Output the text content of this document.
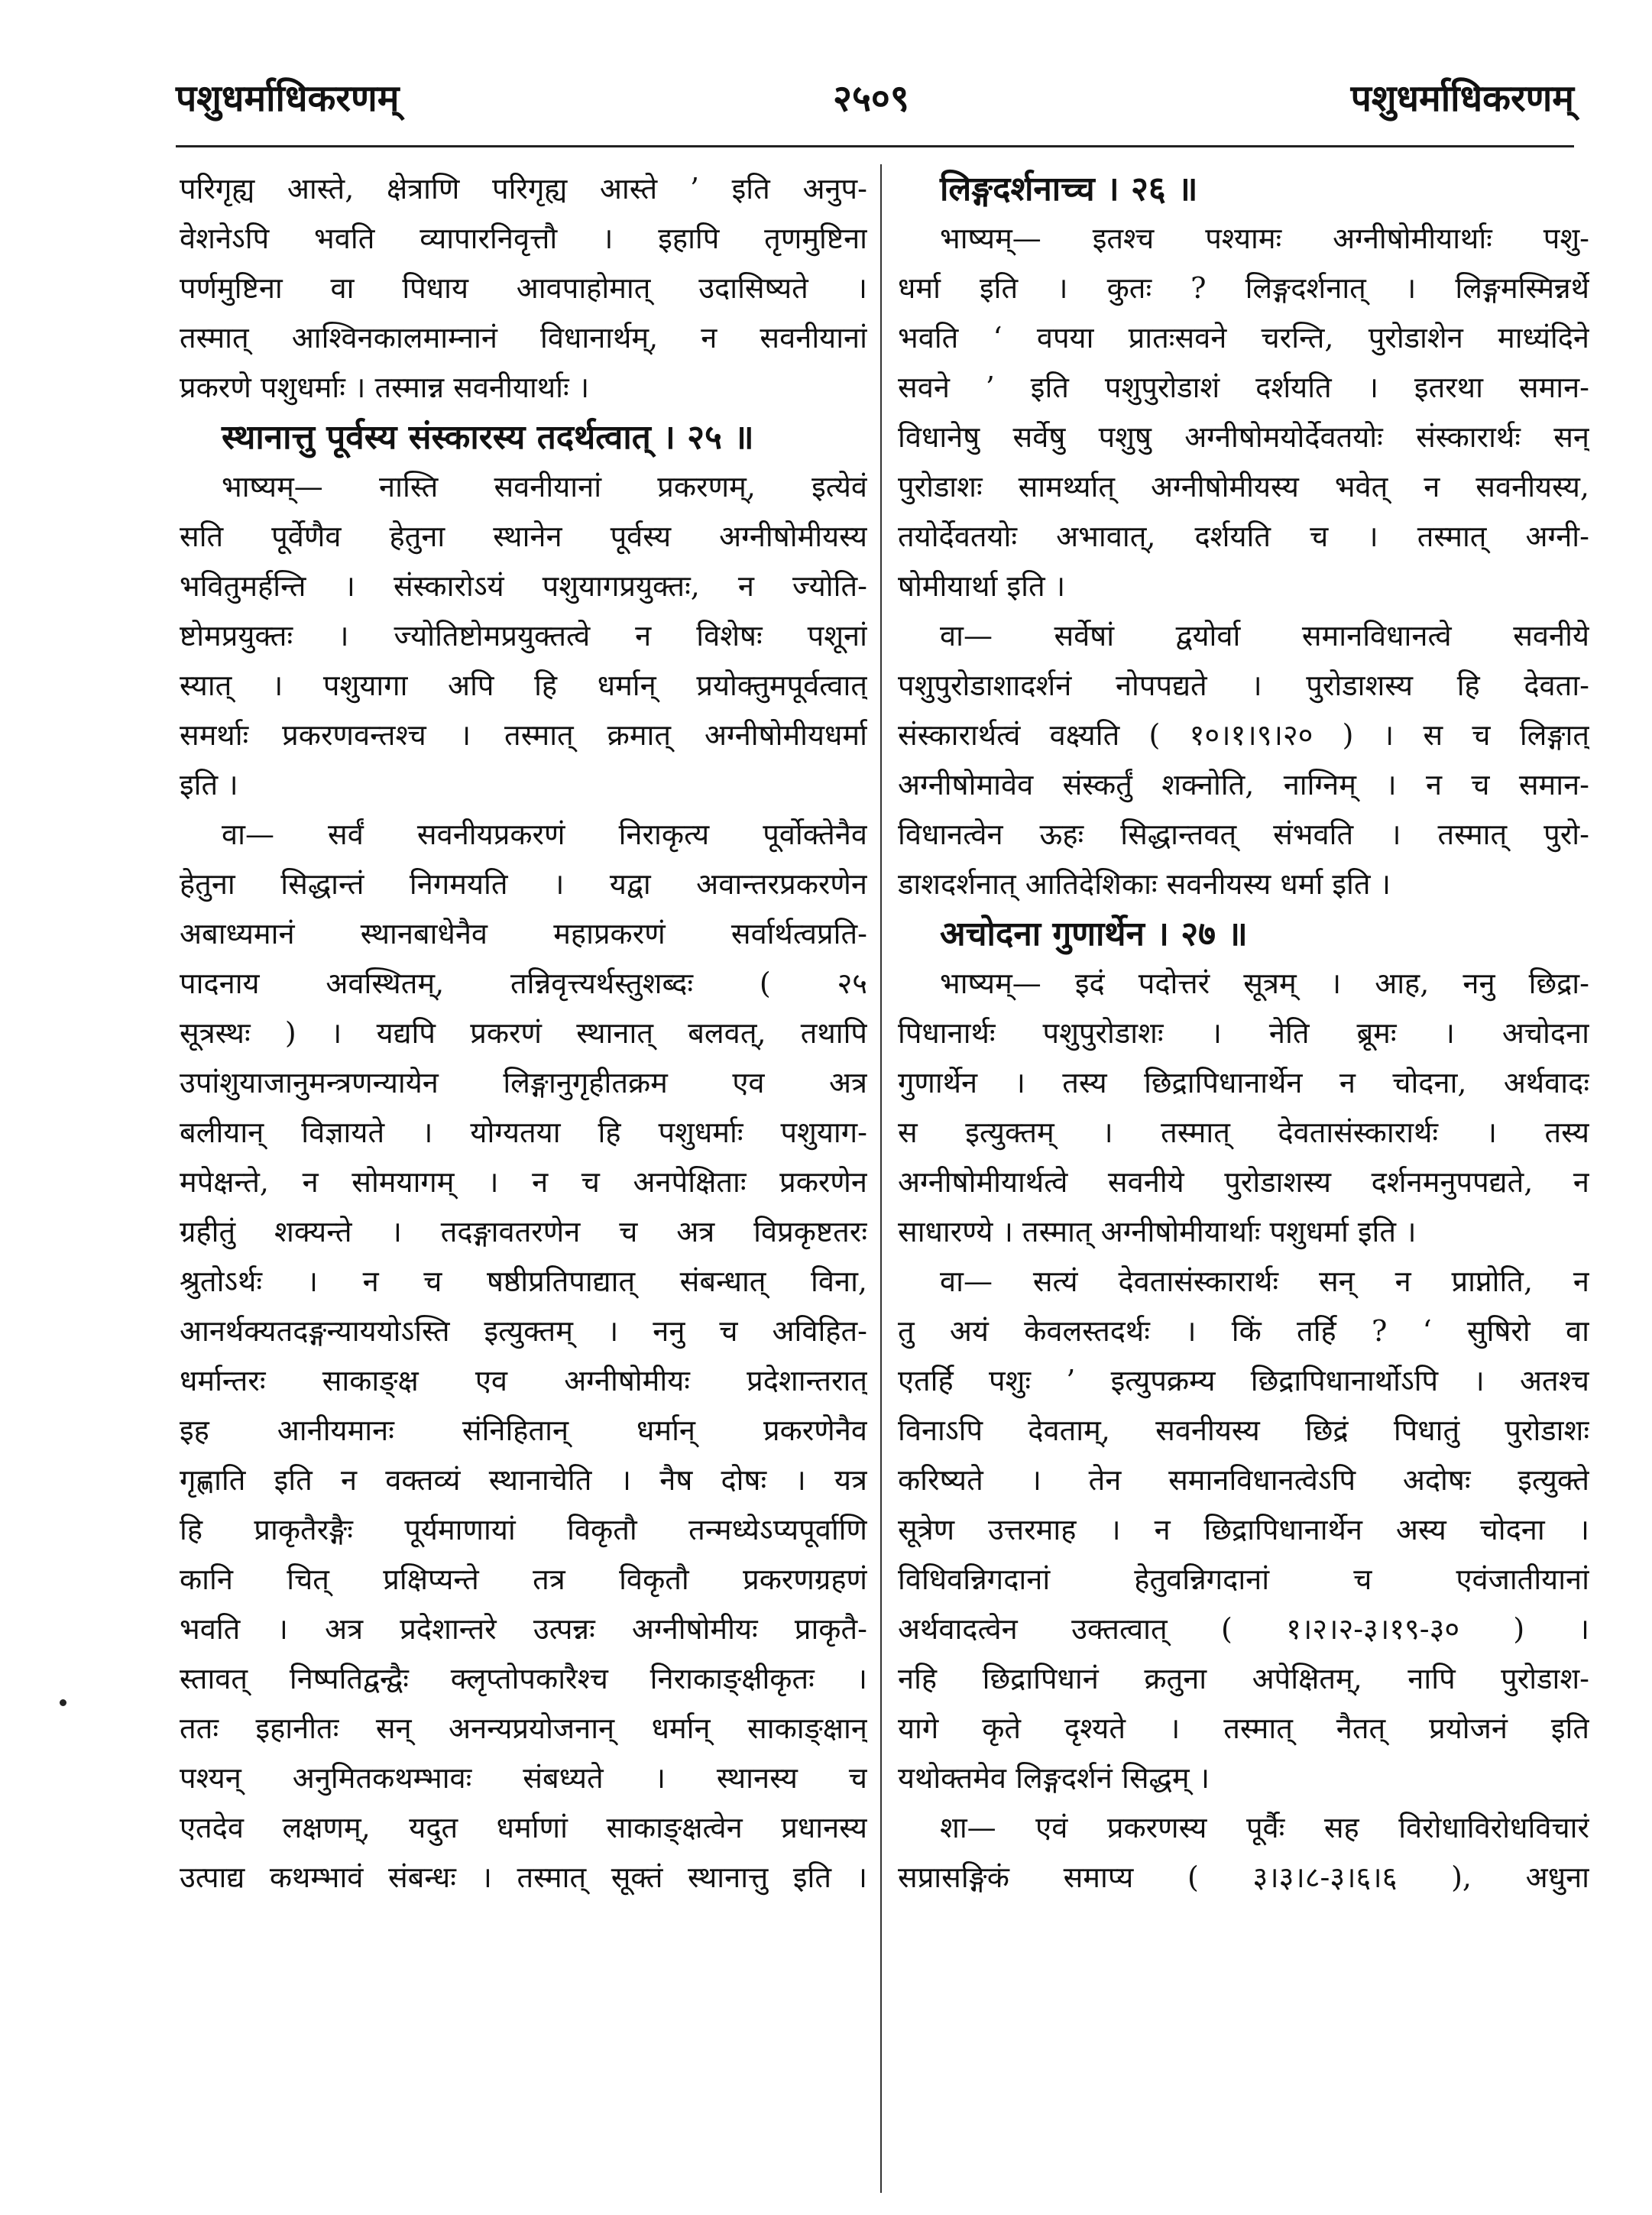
पशुधर्माधिकरणम्	२५०९	पशुधर्माधिकरणम्
परिगृह्य आस्ते, क्षेत्राणि परिगृह्य आस्ते ’ इति अनुप-
वेशनेऽपि भवति व्यापारनिवृत्तौ । इहापि तृणमुष्टिना
पर्णमुष्टिना वा पिधाय आवपाहोमात् उदासिष्यते ।
तस्मात् आश्विनकालमाम्नानं विधानार्थम्, न सवनीयानां
प्रकरणे पशुधर्माः । तस्मान्न सवनीयार्थाः ।
स्थानात्तु पूर्वस्य संस्कारस्य तदर्थत्वात् । २५ ॥
भाष्यम्— नास्ति सवनीयानां प्रकरणम्, इत्येवं
सति पूर्वेणैव हेतुना स्थानेन पूर्वस्य अग्नीषोमीयस्य
भवितुमर्हन्ति । संस्कारोऽयं पशुयागप्रयुक्तः, न ज्योति-
ष्टोमप्रयुक्तः । ज्योतिष्टोमप्रयुक्तत्वे न विशेषः पशूनां
स्यात् । पशुयागा अपि हि धर्मान् प्रयोक्तुमपूर्वत्वात्
समर्थाः प्रकरणवन्तश्च । तस्मात् क्रमात् अग्नीषोमीयधर्मा
इति ।
वा— सर्वं सवनीयप्रकरणं निराकृत्य पूर्वोक्तेनैव
हेतुना सिद्धान्तं निगमयति । यद्वा अवान्तरप्रकरणेन
अबाध्यमानं स्थानबाधेनैव महाप्रकरणं सर्वार्थत्वप्रति-
पादनाय अवस्थितम्, तन्निवृत्त्यर्थस्तुशब्दः ( २५
सूत्रस्थः ) । यद्यपि प्रकरणं स्थानात् बलवत्, तथापि
उपांशुयाजानुमन्त्रणन्यायेन लिङ्गानुगृहीतक्रम एव अत्र
बलीयान् विज्ञायते । योग्यतया हि पशुधर्माः पशुयाग-
मपेक्षन्ते, न सोमयागम् । न च अनपेक्षिताः प्रकरणेन
ग्रहीतुं शक्यन्ते । तदङ्गावतरणेन च अत्र विप्रकृष्टतरः
श्रुतोऽर्थः । न च षष्ठीप्रतिपाद्यात् संबन्धात् विना,
आनर्थक्यतदङ्गन्याययोऽस्ति इत्युक्तम् । ननु च अविहित-
धर्मान्तरः साकाङ्क्ष एव अग्नीषोमीयः प्रदेशान्तरात्
इह आनीयमानः संनिहितान् धर्मान् प्रकरणेनैव
गृह्णाति इति न वक्तव्यं स्थानाचेति । नैष दोषः । यत्र
हि प्राकृतैरङ्गैः पूर्यमाणायां विकृतौ तन्मध्येऽप्यपूर्वाणि
कानि चित् प्रक्षिप्यन्ते तत्र विकृतौ प्रकरणग्रहणं
भवति । अत्र प्रदेशान्तरे उत्पन्नः अग्नीषोमीयः प्राकृतै-
स्तावत् निष्पतिद्वन्द्वैः क्लृप्तोपकारैश्च निराकाङ्क्षीकृतः ।
ततः इहानीतः सन् अनन्यप्रयोजनान् धर्मान् साकाङ्क्षान्
पश्यन् अनुमितकथम्भावः संबध्यते । स्थानस्य च
एतदेव लक्षणम्, यदुत धर्माणां साकाङ्क्षत्वेन प्रधानस्य
उत्पाद्य कथम्भावं संबन्धः । तस्मात् सूक्तं स्थानात्तु इति ।
लिङ्गदर्शनाच्च । २६ ॥
भाष्यम्— इतश्च पश्यामः अग्नीषोमीयार्थाः पशु-
धर्मा इति । कुतः ? लिङ्गदर्शनात् । लिङ्गमस्मिन्नर्थे
भवति ‘ वपया प्रातःसवने चरन्ति, पुरोडाशेन माध्यंदिने
सवने ’ इति पशुपुरोडाशं दर्शयति । इतरथा समान-
विधानेषु सर्वेषु पशुषु अग्नीषोमयोर्देवतयोः संस्कारार्थः सन्
पुरोडाशः सामर्थ्यात् अग्नीषोमीयस्य भवेत् न सवनीयस्य,
तयोर्देवतयोः अभावात्, दर्शयति च । तस्मात् अग्नी-
षोमीयार्था इति ।
वा— सर्वेषां द्वयोर्वा समानविधानत्वे सवनीये
पशुपुरोडाशादर्शनं नोपपद्यते । पुरोडाशस्य हि देवता-
संस्कारार्थत्वं वक्ष्यति ( १०।१।९।२० ) । स च लिङ्गात्
अग्नीषोमावेव संस्कर्तुं शक्नोति, नाग्निम् । न च समान-
विधानत्वेन ऊहः सिद्धान्तवत् संभवति । तस्मात् पुरो-
डाशदर्शनात् आतिदेशिकाः सवनीयस्य धर्मा इति ।
अचोदना गुणार्थेन । २७ ॥
भाष्यम्— इदं पदोत्तरं सूत्रम् । आह, ननु छिद्रा-
पिधानार्थः पशुपुरोडाशः । नेति ब्रूमः । अचोदना
गुणार्थेन । तस्य छिद्रापिधानार्थेन न चोदना, अर्थवादः
स इत्युक्तम् । तस्मात् देवतासंस्कारार्थः । तस्य
अग्नीषोमीयार्थत्वे सवनीये पुरोडाशस्य दर्शनमनुपपद्यते, न
साधारण्ये । तस्मात् अग्नीषोमीयार्थाः पशुधर्मा इति ।
वा— सत्यं देवतासंस्कारार्थः सन् न प्राप्नोति, न
तु अयं केवलस्तदर्थः । किं तर्हि ? ‘ सुषिरो वा
एतर्हि पशुः ’ इत्युपक्रम्य छिद्रापिधानार्थोऽपि । अतश्च
विनाऽपि देवताम्, सवनीयस्य छिद्रं पिधातुं पुरोडाशः
करिष्यते । तेन समानविधानत्वेऽपि अदोषः इत्युक्ते
सूत्रेण उत्तरमाह । न छिद्रापिधानार्थेन अस्य चोदना ।
विधिवन्निगदानां हेतुवन्निगदानां च एवंजातीयानां
अर्थवादत्वेन उक्तत्वात् ( १।२।२-३।१९-३० ) ।
नहि छिद्रापिधानं क्रतुना अपेक्षितम्, नापि पुरोडाश-
यागे कृते दृश्यते । तस्मात् नैतत् प्रयोजनं इति
यथोक्तमेव लिङ्गदर्शनं सिद्धम् ।
शा— एवं प्रकरणस्य पूर्वैः सह विरोधाविरोधविचारं
सप्रासङ्गिकं समाप्य ( ३।३।८-३।६।६ ), अधुना
